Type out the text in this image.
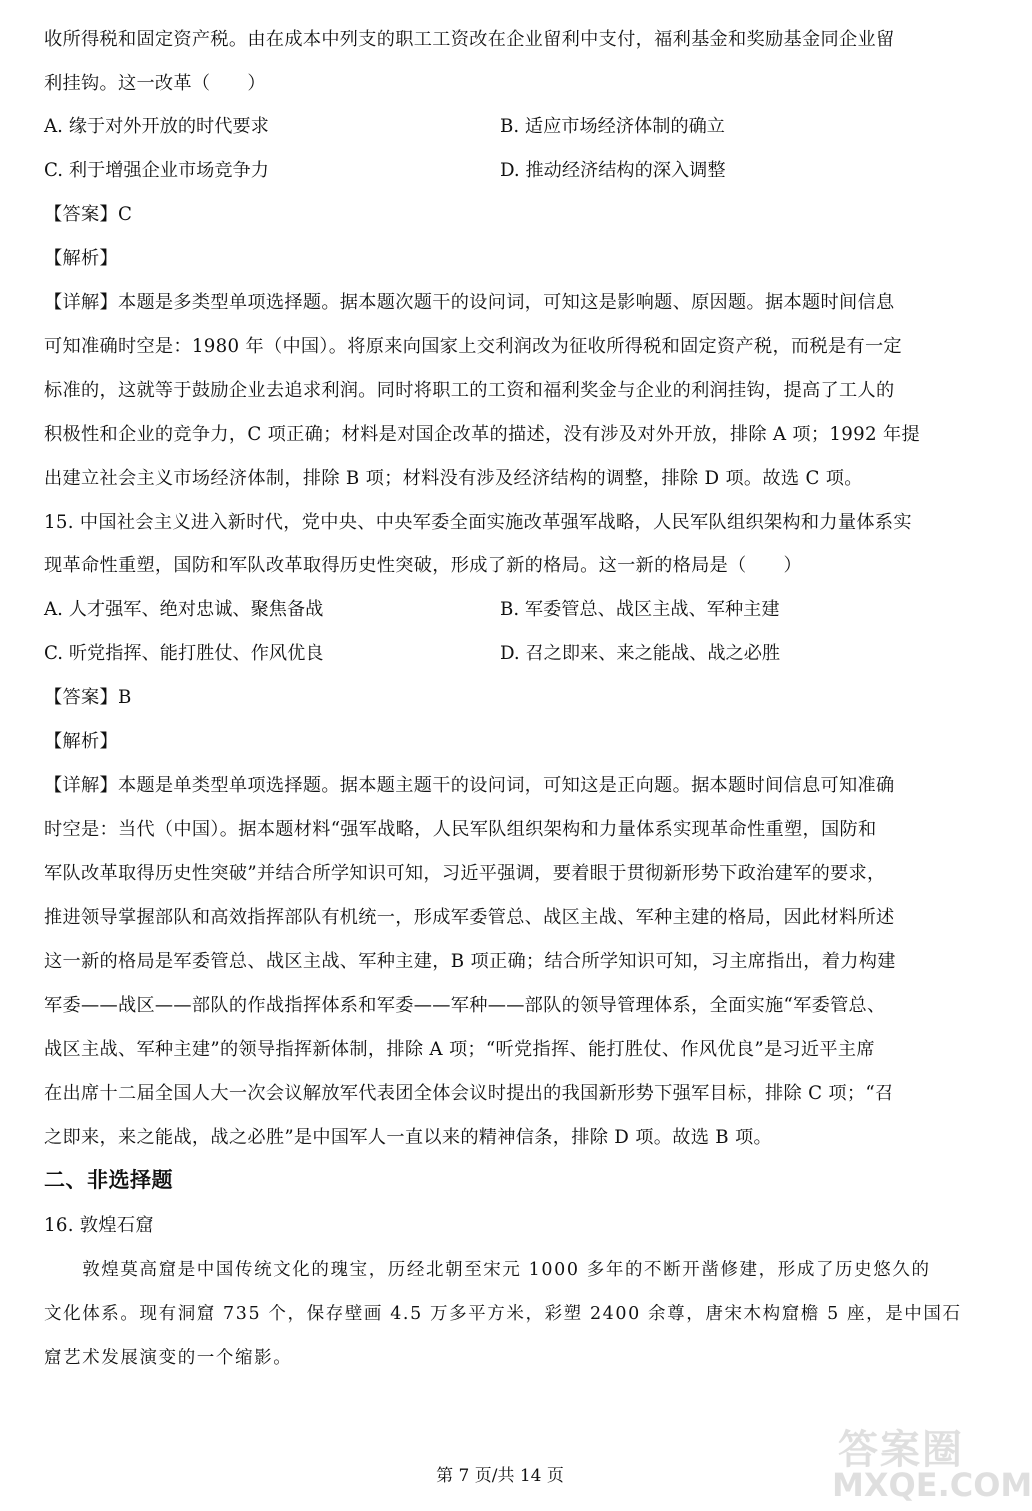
收所得税和固定资产税。由在成本中列支的职工工资改在企业留利中支付，福利基金和奖励基金同企业留
利挂钩。这一改革（　　）
A. 缘于对外开放的时代要求	B. 适应市场经济体制的确立
C. 利于增强企业市场竞争力	D. 推动经济结构的深入调整
【答案】C
【解析】
【详解】本题是多类型单项选择题。据本题次题干的设问词，可知这是影响题、原因题。据本题时间信息
可知准确时空是：1980 年（中国）。将原来向国家上交利润改为征收所得税和固定资产税，而税是有一定
标准的，这就等于鼓励企业去追求利润。同时将职工的工资和福利奖金与企业的利润挂钩，提高了工人的
积极性和企业的竞争力，C 项正确；材料是对国企改革的描述，没有涉及对外开放，排除 A 项；1992 年提
出建立社会主义市场经济体制，排除 B 项；材料没有涉及经济结构的调整，排除 D 项。故选 C 项。
15. 中国社会主义进入新时代，党中央、中央军委全面实施改革强军战略，人民军队组织架构和力量体系实
现革命性重塑，国防和军队改革取得历史性突破，形成了新的格局。这一新的格局是（　　）
A. 人才强军、绝对忠诚、聚焦备战	B. 军委管总、战区主战、军种主建
C. 听党指挥、能打胜仗、作风优良	D. 召之即来、来之能战、战之必胜
【答案】B
【解析】
【详解】本题是单类型单项选择题。据本题主题干的设问词，可知这是正向题。据本题时间信息可知准确
时空是：当代（中国）。据本题材料“强军战略，人民军队组织架构和力量体系实现革命性重塑，国防和
军队改革取得历史性突破”并结合所学知识可知，习近平强调，要着眼于贯彻新形势下政治建军的要求，
推进领导掌握部队和高效指挥部队有机统一，形成军委管总、战区主战、军种主建的格局，因此材料所述
这一新的格局是军委管总、战区主战、军种主建，B 项正确；结合所学知识可知，习主席指出，着力构建
军委——战区——部队的作战指挥体系和军委——军种——部队的领导管理体系，全面实施“军委管总、
战区主战、军种主建”的领导指挥新体制，排除 A 项；“听党指挥、能打胜仗、作风优良”是习近平主席
在出席十二届全国人大一次会议解放军代表团全体会议时提出的我国新形势下强军目标，排除 C 项；“召
之即来，来之能战，战之必胜”是中国军人一直以来的精神信条，排除 D 项。故选 B 项。
二、非选择题
16. 敦煌石窟
　　敦煌莫高窟是中国传统文化的瑰宝，历经北朝至宋元 1000 多年的不断开凿修建，形成了历史悠久的
文化体系。现有洞窟 735 个，保存壁画 4.5 万多平方米，彩塑 2400 余尊，唐宋木构窟檐 5 座，是中国石
窟艺术发展演变的一个缩影。
第 7 页/共 14 页
答案圈
MXQE.COM
